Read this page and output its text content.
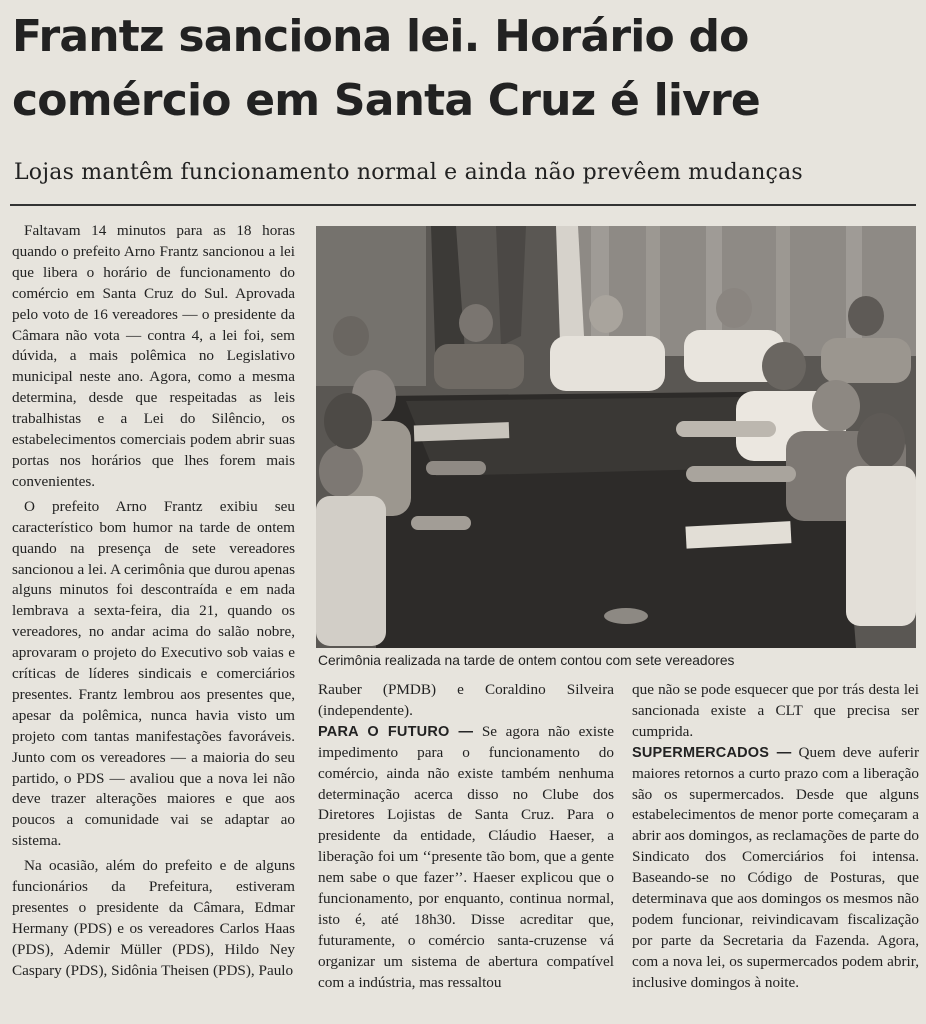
Frantz sanciona lei. Horário do
comércio em Santa Cruz é livre
Lojas mantêm funcionamento normal e ainda não prevêem mudanças

Faltavam 14 minutos para as 18 horas quando o prefeito Arno Frantz sancionou a lei que libera o horário de funcionamento do comércio em Santa Cruz do Sul. Aprovada pelo voto de 16 vereadores — o presidente da Câmara não vota — contra 4, a lei foi, sem dúvida, a mais polêmica no Legislativo municipal neste ano. Agora, como a mesma determina, desde que respeitadas as leis trabalhistas e a Lei do Silêncio, os estabelecimentos comerciais podem abrir suas portas nos horários que lhes forem mais convenientes.

O prefeito Arno Frantz exibiu seu característico bom humor na tarde de ontem quando na presença de sete vereadores sancionou a lei. A cerimônia que durou apenas alguns minutos foi descontraída e em nada lembrava a sexta-feira, dia 21, quando os vereadores, no andar acima do salão nobre, aprovaram o projeto do Executivo sob vaias e críticas de líderes sindicais e comerciários presentes. Frantz lembrou aos presentes que, apesar da polêmica, nunca havia visto um projeto com tantas manifestações favoráveis. Junto com os vereadores — a maioria do seu partido, o PDS — avaliou que a nova lei não deve trazer alterações maiores e que aos poucos a comunidade vai se adaptar ao sistema.

Na ocasião, além do prefeito e de alguns funcionários da Prefeitura, estiveram presentes o presidente da Câmara, Edmar Hermany (PDS) e os vereadores Carlos Haas (PDS), Ademir Müller (PDS), Hildo Ney Caspary (PDS), Sidônia Theisen (PDS), Paulo

Cerimônia realizada na tarde de ontem contou com sete vereadores

Rauber (PMDB) e Coraldino Silveira (independente).

PARA O FUTURO — Se agora não existe impedimento para o funcionamento do comércio, ainda não existe também nenhuma determinação acerca disso no Clube dos Diretores Lojistas de Santa Cruz. Para o presidente da entidade, Cláudio Haeser, a liberação foi um ‘‘presente tão bom, que a gente nem sabe o que fazer’’. Haeser explicou que o funcionamento, por enquanto, continua normal, isto é, até 18h30. Disse acreditar que, futuramente, o comércio santa-cruzense vá organizar um sistema de abertura compatível com a indústria, mas ressaltou

que não se pode esquecer que por trás desta lei sancionada existe a CLT que precisa ser cumprida.

SUPERMERCADOS — Quem deve auferir maiores retornos a curto prazo com a liberação são os supermercados. Desde que alguns estabelecimentos de menor porte começaram a abrir aos domingos, as reclamações de parte do Sindicato dos Comerciários foi intensa. Baseando-se no Código de Posturas, que determinava que aos domingos os mesmos não podem funcionar, reivindicavam fiscalização por parte da Secretaria da Fazenda. Agora, com a nova lei, os supermercados podem abrir, inclusive domingos à noite.
